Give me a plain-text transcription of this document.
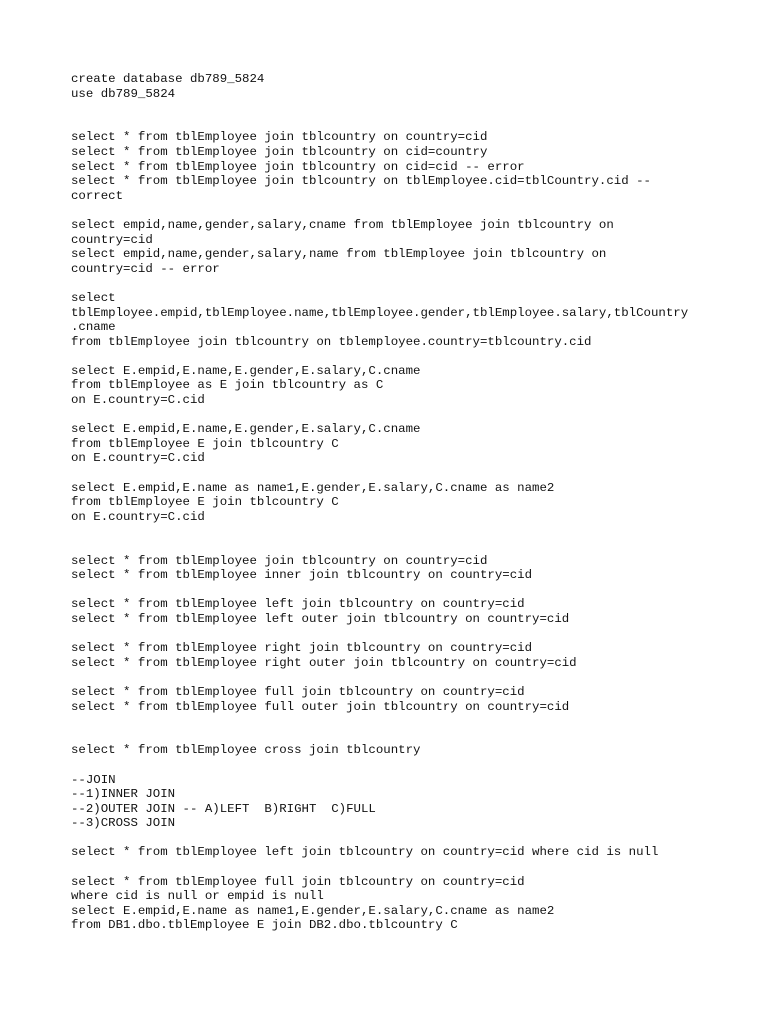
create database db789_5824
use db789_5824
select * from tblEmployee join tblcountry on country=cid
select * from tblEmployee join tblcountry on cid=country
select * from tblEmployee join tblcountry on cid=cid -- error
select * from tblEmployee join tblcountry on tblEmployee.cid=tblCountry.cid --
correct
select empid,name,gender,salary,cname from tblEmployee join tblcountry on
country=cid
select empid,name,gender,salary,name from tblEmployee join tblcountry on
country=cid -- error
select
tblEmployee.empid,tblEmployee.name,tblEmployee.gender,tblEmployee.salary,tblCountry
.cname
from tblEmployee join tblcountry on tblemployee.country=tblcountry.cid
select E.empid,E.name,E.gender,E.salary,C.cname
from tblEmployee as E join tblcountry as C
on E.country=C.cid
select E.empid,E.name,E.gender,E.salary,C.cname
from tblEmployee E join tblcountry C
on E.country=C.cid
select E.empid,E.name as name1,E.gender,E.salary,C.cname as name2
from tblEmployee E join tblcountry C
on E.country=C.cid
select * from tblEmployee join tblcountry on country=cid
select * from tblEmployee inner join tblcountry on country=cid
select * from tblEmployee left join tblcountry on country=cid
select * from tblEmployee left outer join tblcountry on country=cid
select * from tblEmployee right join tblcountry on country=cid
select * from tblEmployee right outer join tblcountry on country=cid
select * from tblEmployee full join tblcountry on country=cid
select * from tblEmployee full outer join tblcountry on country=cid
select * from tblEmployee cross join tblcountry
--JOIN
--1)INNER JOIN
--2)OUTER JOIN -- A)LEFT  B)RIGHT  C)FULL
--3)CROSS JOIN
select * from tblEmployee left join tblcountry on country=cid where cid is null
select * from tblEmployee full join tblcountry on country=cid
where cid is null or empid is null
select E.empid,E.name as name1,E.gender,E.salary,C.cname as name2
from DB1.dbo.tblEmployee E join DB2.dbo.tblcountry C
